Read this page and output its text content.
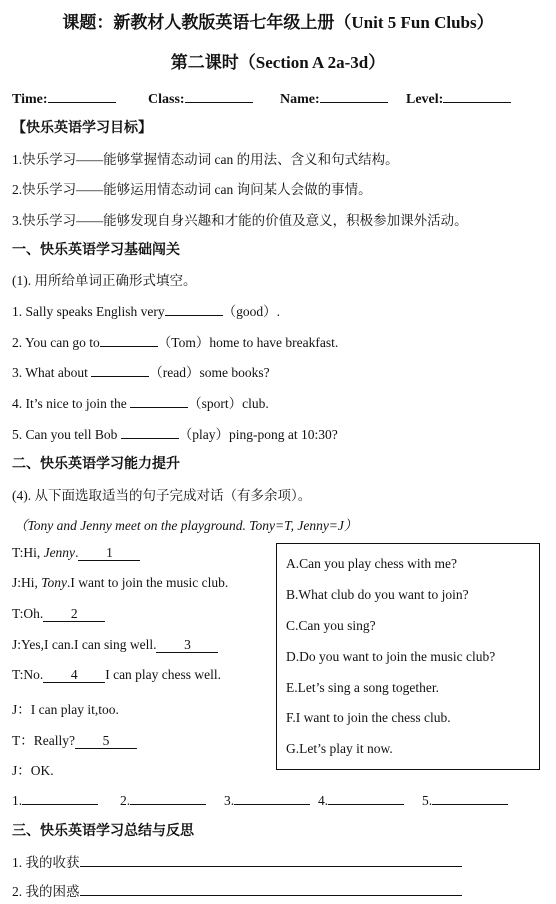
课题：新教材人教版英语七年级上册（Unit 5 Fun Clubs）
第二课时（Section A 2a-3d）
Time:	Class:	Name:	Level:
【快乐英语学习目标】
1.快乐学习——能够掌握情态动词 can 的用法、含义和句式结构。
2.快乐学习——能够运用情态动词 can 询问某人会做的事情。
3.快乐学习——能够发现自身兴趣和才能的价值及意义，积极参加课外活动。
一、快乐英语学习基础闯关
(1). 用所给单词正确形式填空。
1. Sally speaks English very	（good）.
2. You can go to	（Tom）home to have breakfast.
3. What about	（read）some books?
4. It’s nice to join the	（sport）club.
5. Can you tell Bob	（play）ping-pong at 10:30?
二、快乐英语学习能力提升
(4). 从下面选取适当的句子完成对话（有多余项）。
（Tony and Jenny meet on the playground. Tony=T, Jenny=J）
T:Hi, Jenny. 1
J:Hi, Tony.I want to join the music club.
T:Oh. 2
J:Yes,I can.I can sing well. 3
T:No. 4 I can play chess well.
J：I can play it,too.
T：Really? 5
J：OK.
A.Can you play chess with me?
B.What club do you want to join?
C.Can you sing?
D.Do you want to join the music club?
E.Let’s sing a song together.
F.I want to join the chess club.
G.Let’s play it now.
1.	2.	3.	4.	5.
三、快乐英语学习总结与反思
1. 我的收获
2. 我的困惑
